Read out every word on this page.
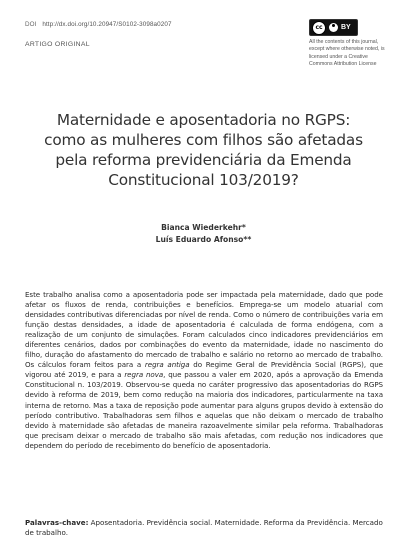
DOI http://dx.doi.org/10.20947/S0102-3098a0207
ARTIGO ORIGINAL
cc	BY
All the contents of this journal, except where otherwise noted, is licensed under a Creative Commons Attribution License
Maternidade e aposentadoria no RGPS:
como as mulheres com filhos são afetadas
pela reforma previdenciária da Emenda
Constitucional 103/2019?
Bianca Wiederkehr*
Luís Eduardo Afonso**
Este trabalho analisa como a aposentadoria pode ser impactada pela maternidade, dado que pode afetar os fluxos de renda, contribuições e benefícios. Emprega-se um modelo atuarial com densidades contributivas diferenciadas por nível de renda. Como o número de contribuições varia em função destas densidades, a idade de aposentadoria é calculada de forma endógena, com a realização de um conjunto de simulações. Foram calculados cinco indicadores previdenciários em diferentes cenários, dados por combinações do evento da maternidade, idade no nascimento do filho, duração do afastamento do mercado de trabalho e salário no retorno ao mercado de trabalho. Os cálculos foram feitos para a regra antiga do Regime Geral de Previdência Social (RGPS), que vigorou até 2019, e para a regra nova, que passou a valer em 2020, após a aprovação da Emenda Constitucional n. 103/2019. Observou-se queda no caráter progressivo das aposentadorias do RGPS devido à reforma de 2019, bem como redução na maioria dos indicadores, particularmente na taxa interna de retorno. Mas a taxa de reposição pode aumentar para alguns grupos devido à extensão do período contributivo. Trabalhadoras sem filhos e aquelas que não deixam o mercado de trabalho devido à maternidade são afetadas de maneira razoavelmente similar pela reforma. Trabalhadoras que precisam deixar o mercado de trabalho são mais afetadas, com redução nos indicadores que dependem do período de recebimento do benefício de aposentadoria.
Palavras-chave: Aposentadoria. Previdência social. Maternidade. Reforma da Previdência. Mercado de trabalho.
